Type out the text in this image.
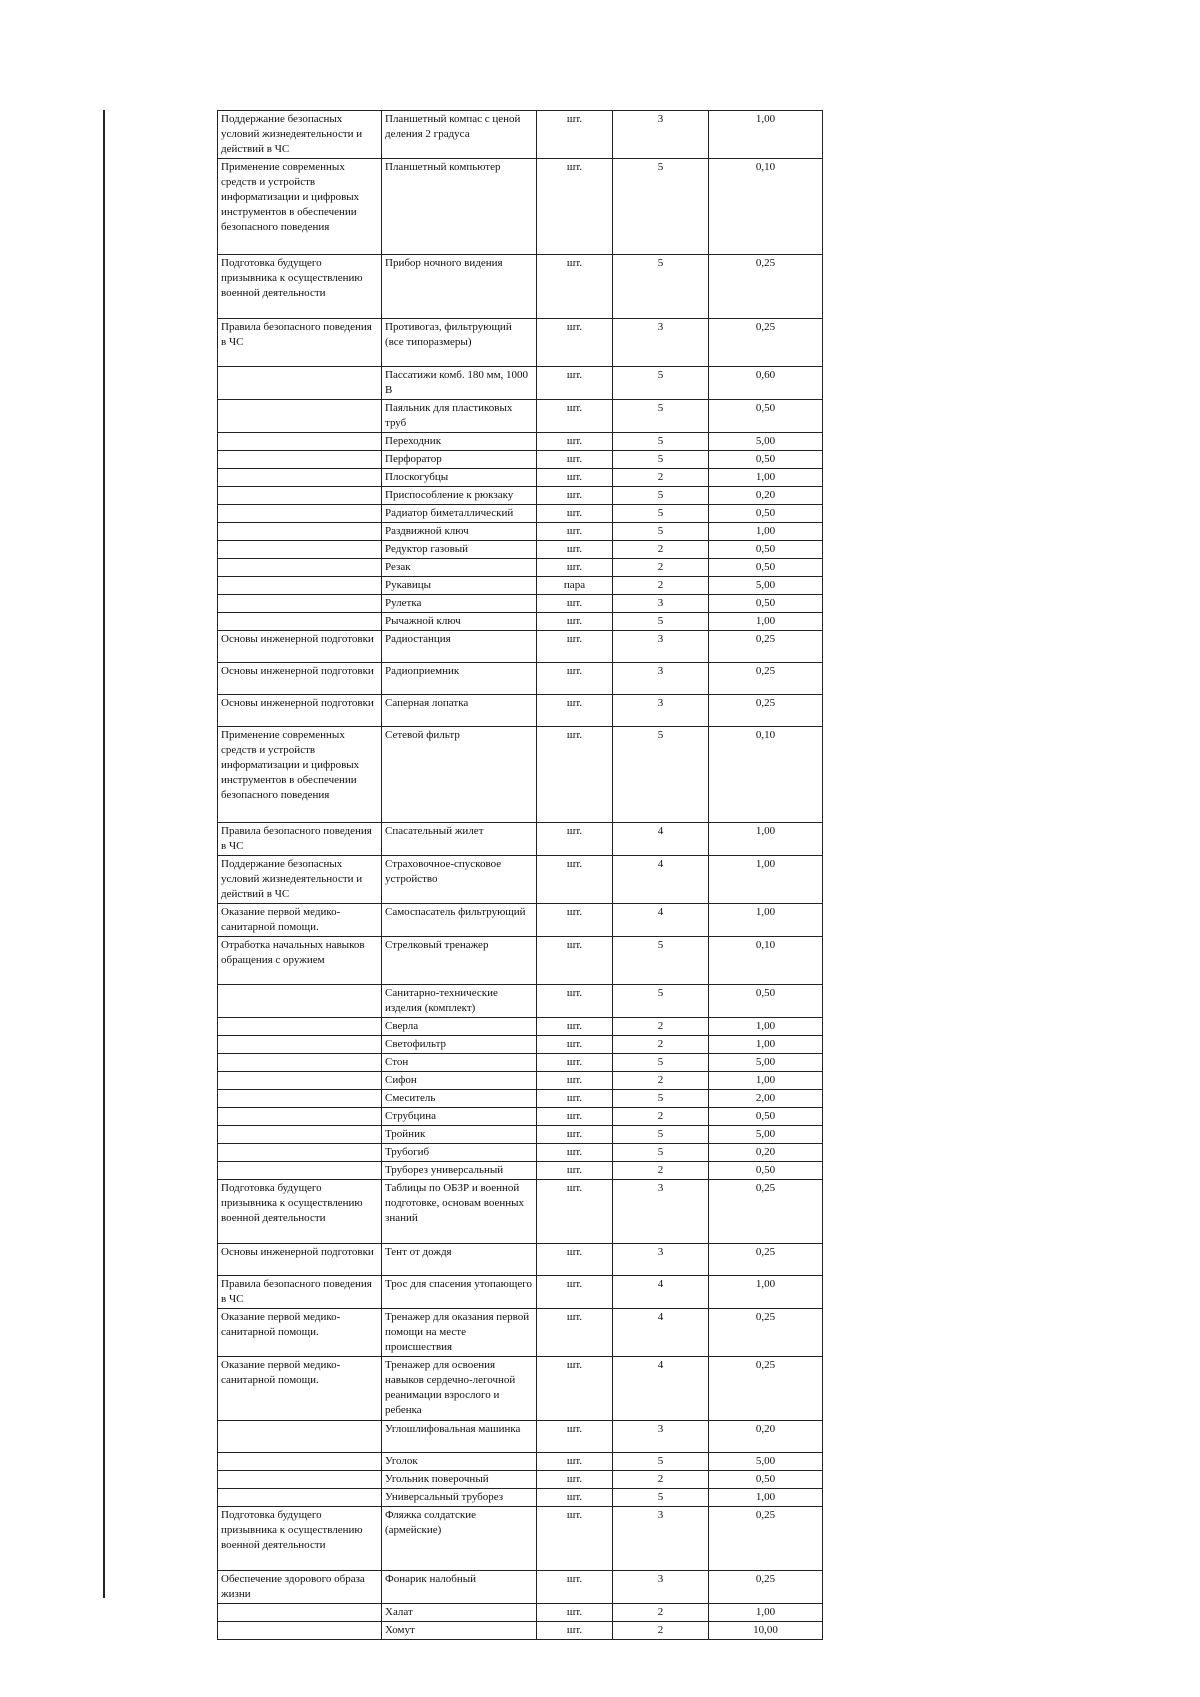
Поддержание безопасных условий жизнедеятельности и действий в ЧС	Планшетный компас с ценой деления 2 градуса	шт.	3	1,00
Применение современных средств и устройств информатизации и цифровых инструментов в обеспечении безопасного поведения	Планшетный компьютер	шт.	5	0,10
Подготовка будущего призывника к осуществлению военной деятельности	Прибор ночного видения	шт.	5	0,25
Правила безопасного поведения в ЧС	Противогаз, фильтрующий (все типоразмеры)	шт.	3	0,25
	Пассатижи комб. 180 мм, 1000 В	шт.	5	0,60
	Паяльник для пластиковых труб	шт.	5	0,50
	Переходник	шт.	5	5,00
	Перфоратор	шт.	5	0,50
	Плоскогубцы	шт.	2	1,00
	Приспособление к рюкзаку	шт.	5	0,20
	Радиатор биметаллический	шт.	5	0,50
	Раздвижной ключ	шт.	5	1,00
	Редуктор газовый	шт.	2	0,50
	Резак	шт.	2	0,50
	Рукавицы	пара	2	5,00
	Рулетка	шт.	3	0,50
	Рычажной ключ	шт.	5	1,00
Основы инженерной подготовки	Радиостанция	шт.	3	0,25
Основы инженерной подготовки	Радиоприемник	шт.	3	0,25
Основы инженерной подготовки	Саперная лопатка	шт.	3	0,25
Применение современных средств и устройств информатизации и цифровых инструментов в обеспечении безопасного поведения	Сетевой фильтр	шт.	5	0,10
Правила безопасного поведения в ЧС	Спасательный жилет	шт.	4	1,00
Поддержание безопасных условий жизнедеятельности и действий в ЧС	Страховочное-спусковое устройство	шт.	4	1,00
Оказание первой медико-санитарной помощи.	Самоспасатель фильтрующий	шт.	4	1,00
Отработка начальных навыков обращения с оружием	Стрелковый тренажер	шт.	5	0,10
	Санитарно-технические изделия (комплект)	шт.	5	0,50
	Сверла	шт.	2	1,00
	Светофильтр	шт.	2	1,00
	Стон	шт.	5	5,00
	Сифон	шт.	2	1,00
	Смеситель	шт.	5	2,00
	Струбцина	шт.	2	0,50
	Тройник	шт.	5	5,00
	Трубогиб	шт.	5	0,20
	Труборез универсальный	шт.	2	0,50
Подготовка будущего призывника к осуществлению военной деятельности	Таблицы по ОБЗР и военной подготовке, основам военных знаний	шт.	3	0,25
Основы инженерной подготовки	Тент от дождя	шт.	3	0,25
Правила безопасного поведения в ЧС	Трос для спасения утопающего	шт.	4	1,00
Оказание первой медико-санитарной помощи.	Тренажер для оказания первой помощи на месте происшествия	шт.	4	0,25
Оказание первой медико-санитарной помощи.	Тренажер для освоения навыков сердечно-легочной реанимации взрослого и ребенка	шт.	4	0,25
	Углошлифовальная машинка	шт.	3	0,20
	Уголок	шт.	5	5,00
	Угольник поверочный	шт.	2	0,50
	Универсальный труборез	шт.	5	1,00
Подготовка будущего призывника к осуществлению военной деятельности	Фляжка солдатские (армейские)	шт.	3	0,25
Обеспечение здорового образа жизни	Фонарик налобный	шт.	3	0,25
	Халат	шт.	2	1,00
	Хомут	шт.	2	10,00
